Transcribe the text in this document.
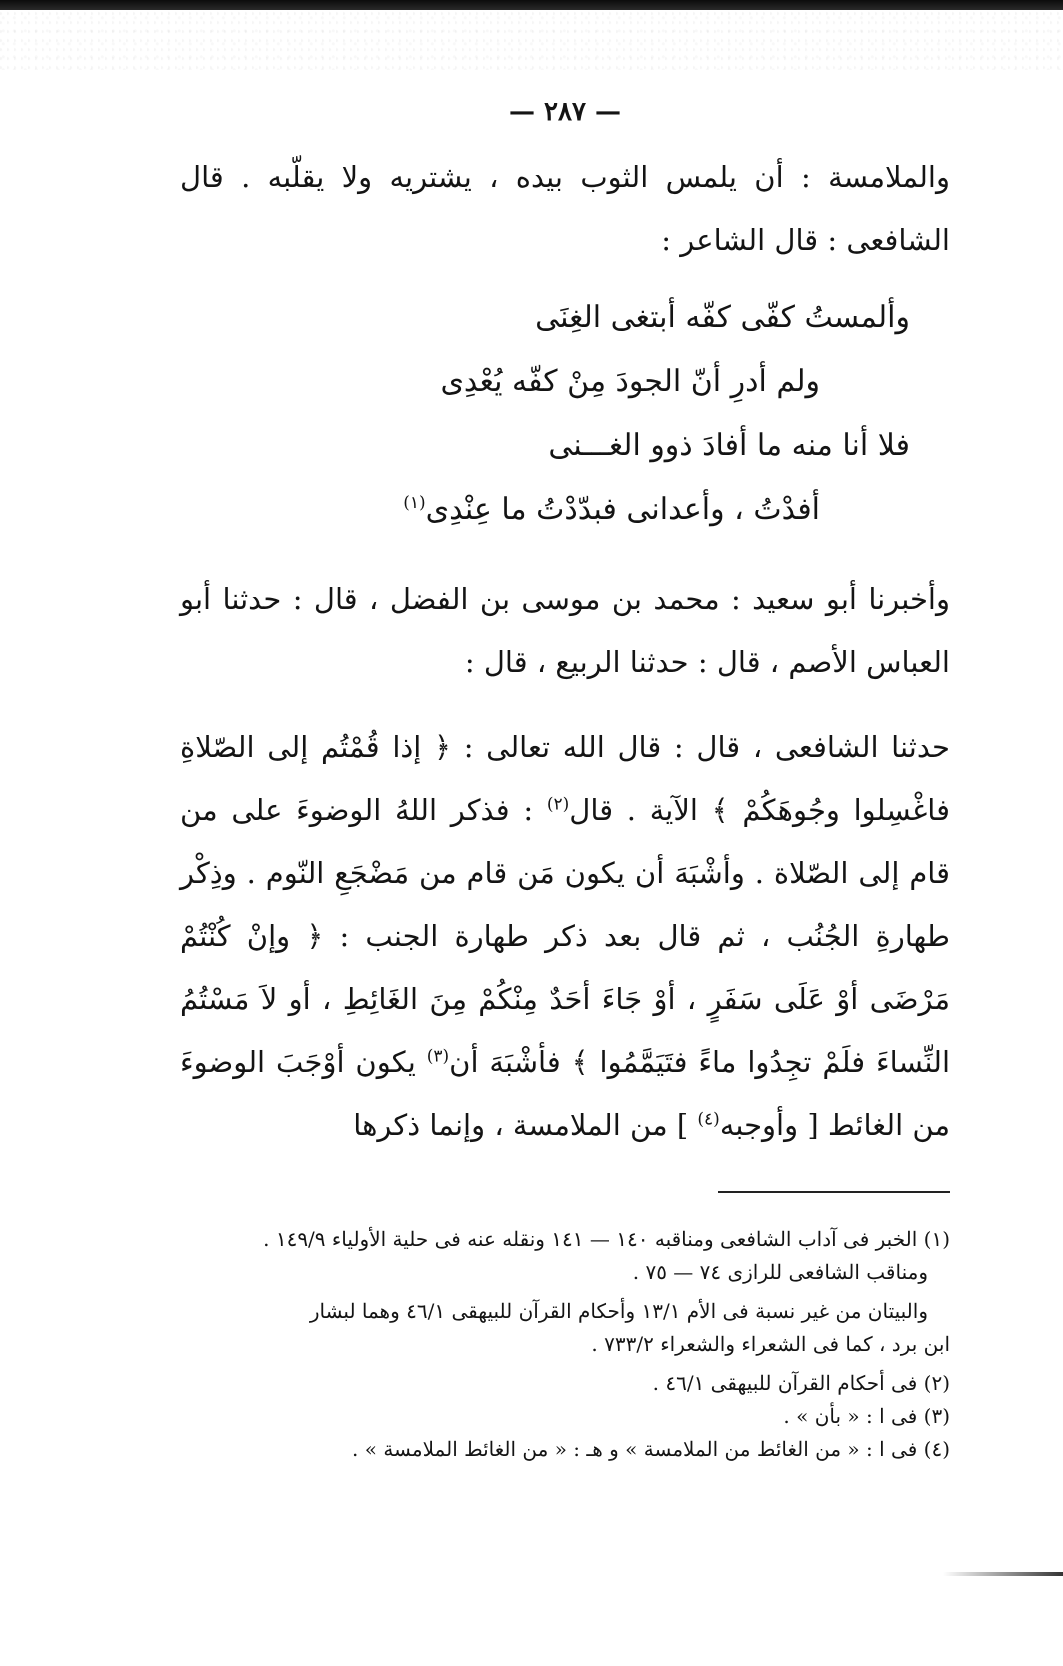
— ٢٨٧ —

والملامسة : أن يلمس الثوب بيده ، يشتريه ولا يقلّبه . قال الشافعى : قال الشاعر :

وألمستُ كفّى كفّه أبتغى الغِنَى
ولم أدرِ أنّ الجودَ مِنْ كفّه يُعْدِى
فلا أنا منه ما أفادَ ذوو الغـــنى
أفدْتُ ، وأعدانى فبدّدْتُ ما عِنْدِى$^{(١)}$

وأخبرنا أبو سعيد : محمد بن موسى بن الفضل ، قال : حدثنا أبو العباس الأصم ، قال : حدثنا الربيع ، قال :

حدثنا الشافعى ، قال : قال الله تعالى : ﴿ إذا قُمْتُم إلى الصّلاةِ فاغْسِلوا وجُوهَكُمْ ﴾ الآية . قال$^{(٢)}$ : فذكر اللهُ الوضوءَ على من قام إلى الصّلاة . وأشْبَهَ أن يكون مَن قام من مَضْجَعِ النّوم . وذِكْر طهارةِ الجُنُب ، ثم قال بعد ذكر طهارة الجنب : ﴿ وإنْ كُنْتُمْ مَرْضَى أوْ عَلَى سَفَرٍ ، أوْ جَاءَ أحَدٌ مِنْكُمْ مِنَ الغَائِطِ ، أو لاَ مَسْتُمُ النِّساءَ فلَمْ تجِدُوا ماءً فتَيَمَّمُوا ﴾ فأشْبَهَ أن$^{(٣)}$ يكون أوْجَبَ الوضوءَ من الغائط [ وأوجبه$^{(٤)}$ ] من الملامسة ، وإنما ذكرها

(١) الخبر فى آداب الشافعى ومناقبه ١٤٠ — ١٤١ ونقله عنه فى حلية الأولياء ١٤٩/٩ .

ومناقب الشافعى للرازى ٧٤ — ٧٥ .

والبيتان من غير نسبة فى الأم ١٣/١ وأحكام القرآن للبيهقى ٤٦/١ وهما لبشار

ابن برد ، كما فى الشعراء والشعراء ٧٣٣/٢ .

(٢) فى أحكام القرآن للبيهقى ٤٦/١ .

(٣) فى ا : « بأن » .

(٤) فى ا : « من الغائط من الملامسة » و هـ : « من الغائط الملامسة » .
